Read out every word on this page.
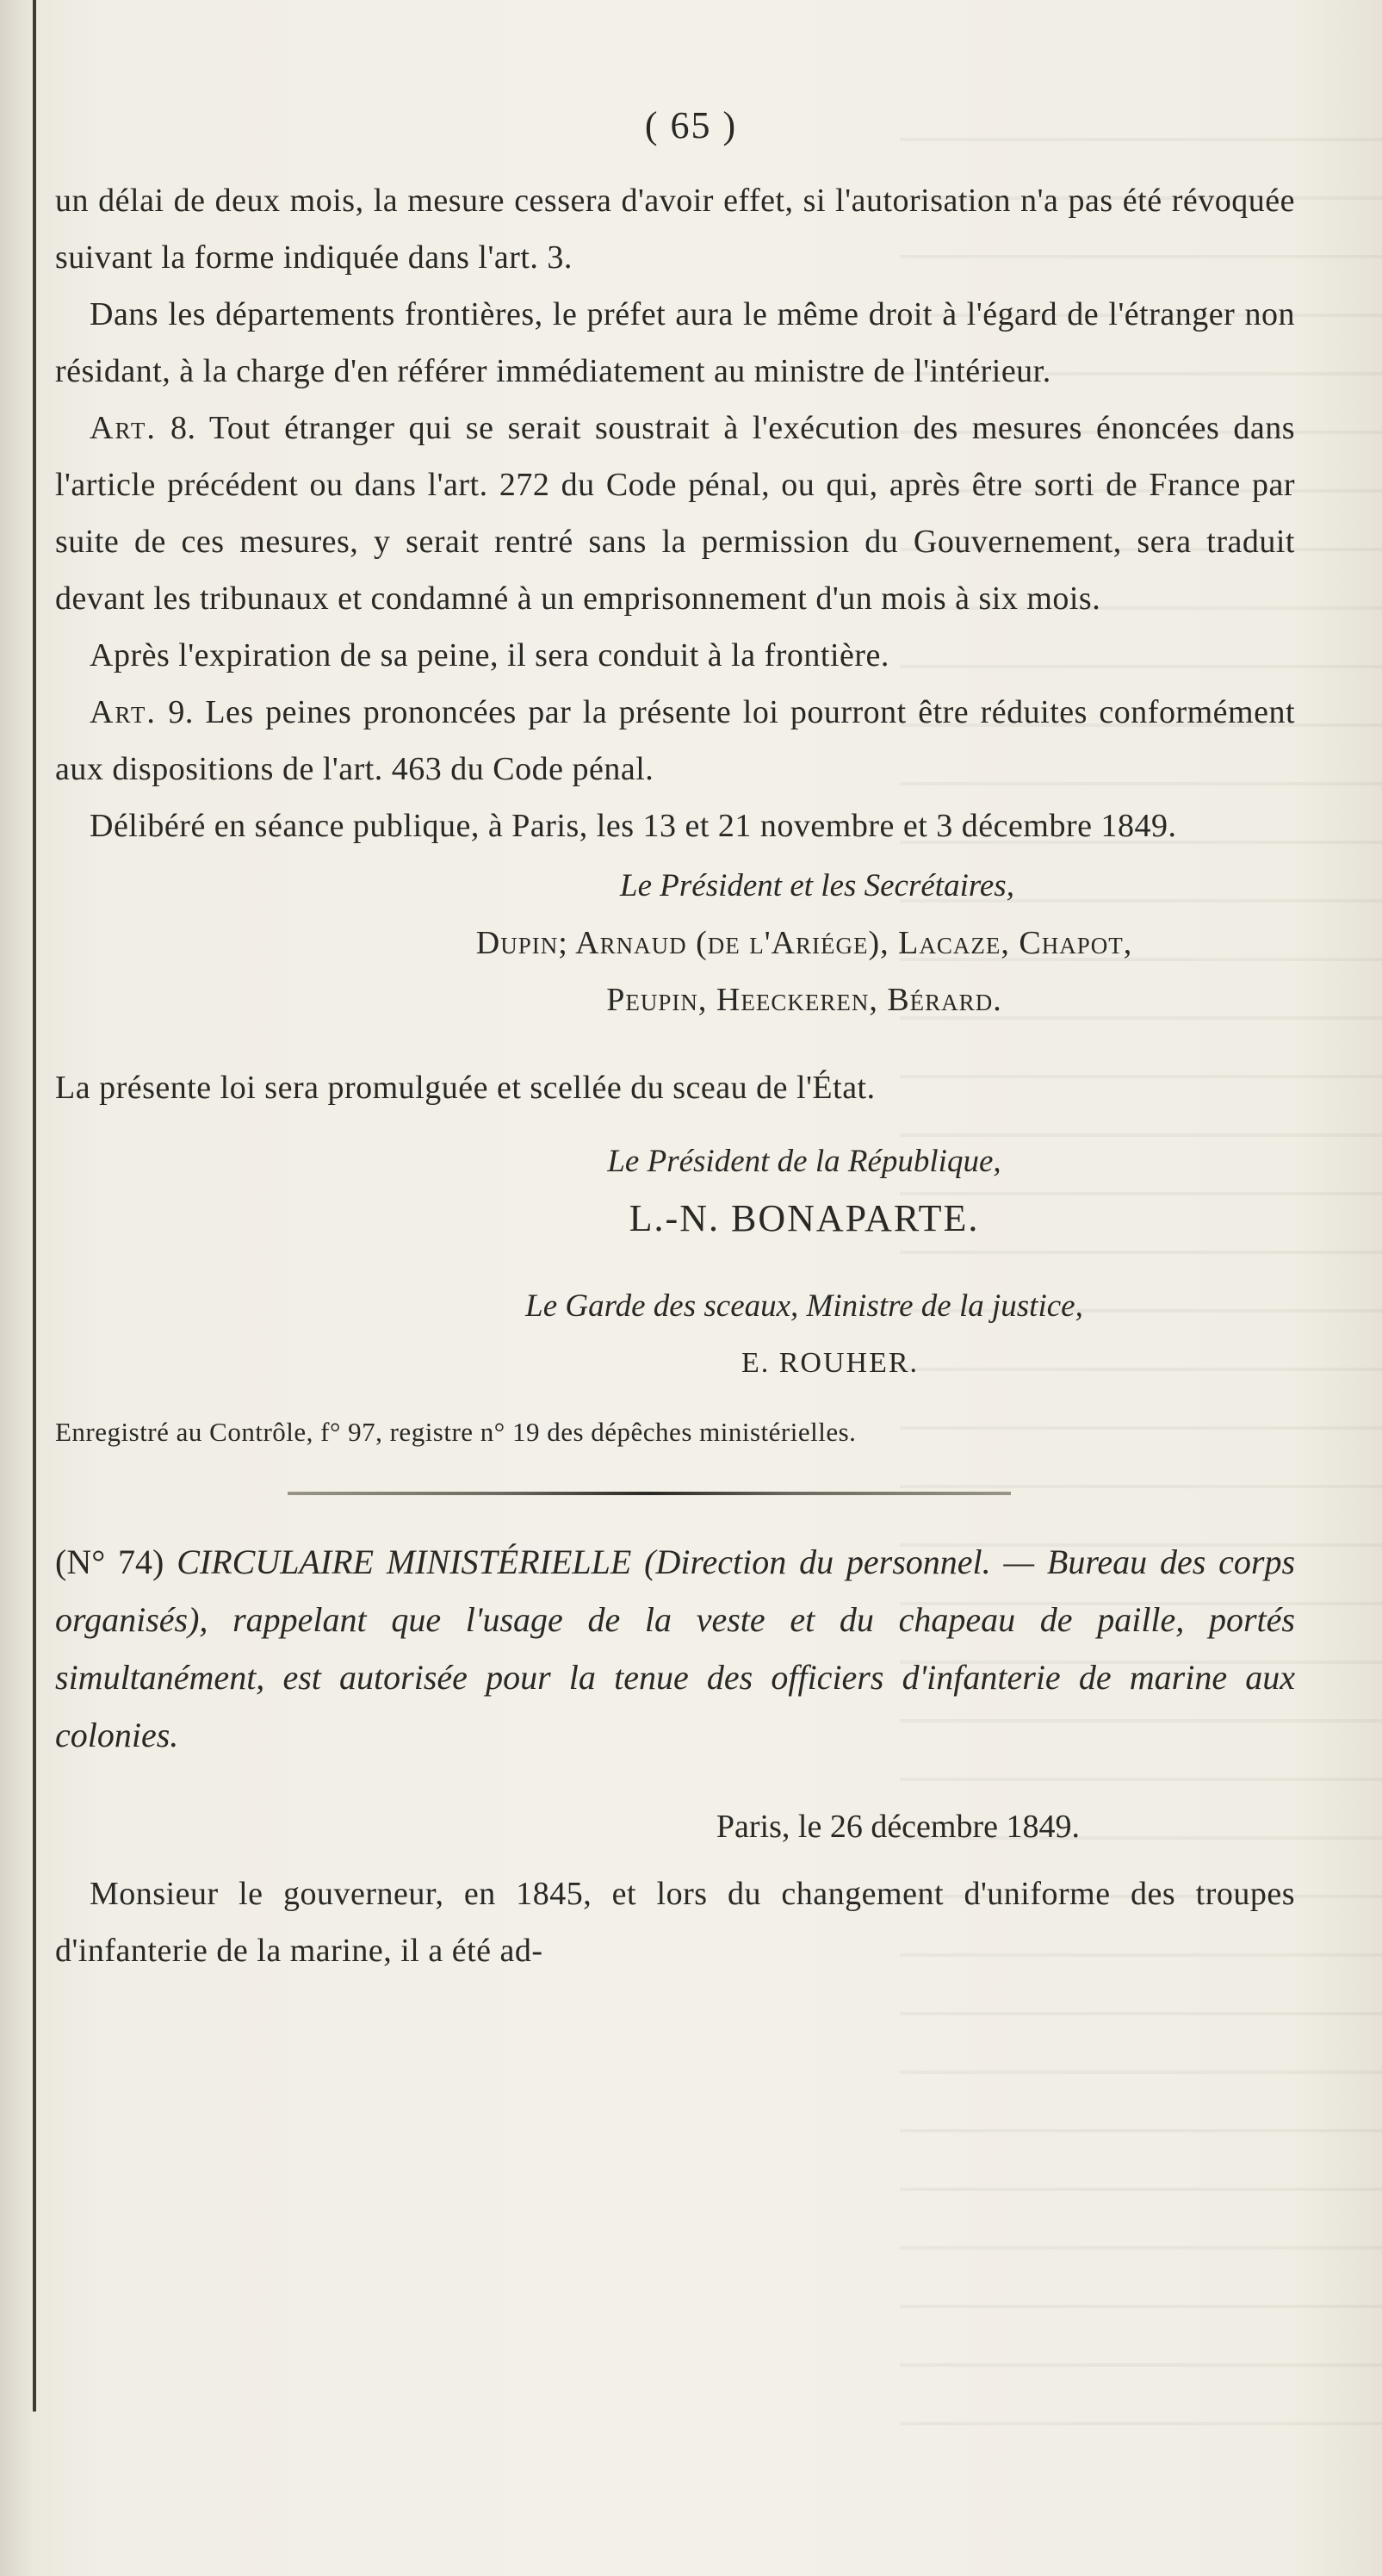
( 65 )

un délai de deux mois, la mesure cessera d'avoir effet, si l'autorisation n'a pas été révoquée suivant la forme indiquée dans l'art. 3.

Dans les départements frontières, le préfet aura le même droit à l'égard de l'étranger non résidant, à la charge d'en référer immédiatement au ministre de l'intérieur.

Art. 8. Tout étranger qui se serait soustrait à l'exécution des mesures énoncées dans l'article précédent ou dans l'art. 272 du Code pénal, ou qui, après être sorti de France par suite de ces mesures, y serait rentré sans la permission du Gouvernement, sera traduit devant les tribunaux et condamné à un emprisonnement d'un mois à six mois.

Après l'expiration de sa peine, il sera conduit à la frontière.

Art. 9. Les peines prononcées par la présente loi pourront être réduites conformément aux dispositions de l'art. 463 du Code pénal.

Délibéré en séance publique, à Paris, les 13 et 21 novembre et 3 décembre 1849.

Le Président et les Secrétaires,
Dupin; Arnaud (de l'Ariége), Lacaze, Chapot,
Peupin, Heeckeren, Bérard.

La présente loi sera promulguée et scellée du sceau de l'État.

Le Président de la République,
L.-N. BONAPARTE.
Le Garde des sceaux, Ministre de la justice,
E. ROUHER.
Enregistré au Contrôle, f° 97, registre n° 19 des dépêches ministérielles.

(N° 74) CIRCULAIRE MINISTÉRIELLE (Direction du personnel. — Bureau des corps organisés), rappelant que l'usage de la veste et du chapeau de paille, portés simultanément, est autorisée pour la tenue des officiers d'infanterie de marine aux colonies.

Paris, le 26 décembre 1849.

Monsieur le gouverneur, en 1845, et lors du changement d'uniforme des troupes d'infanterie de la marine, il a été ad-
